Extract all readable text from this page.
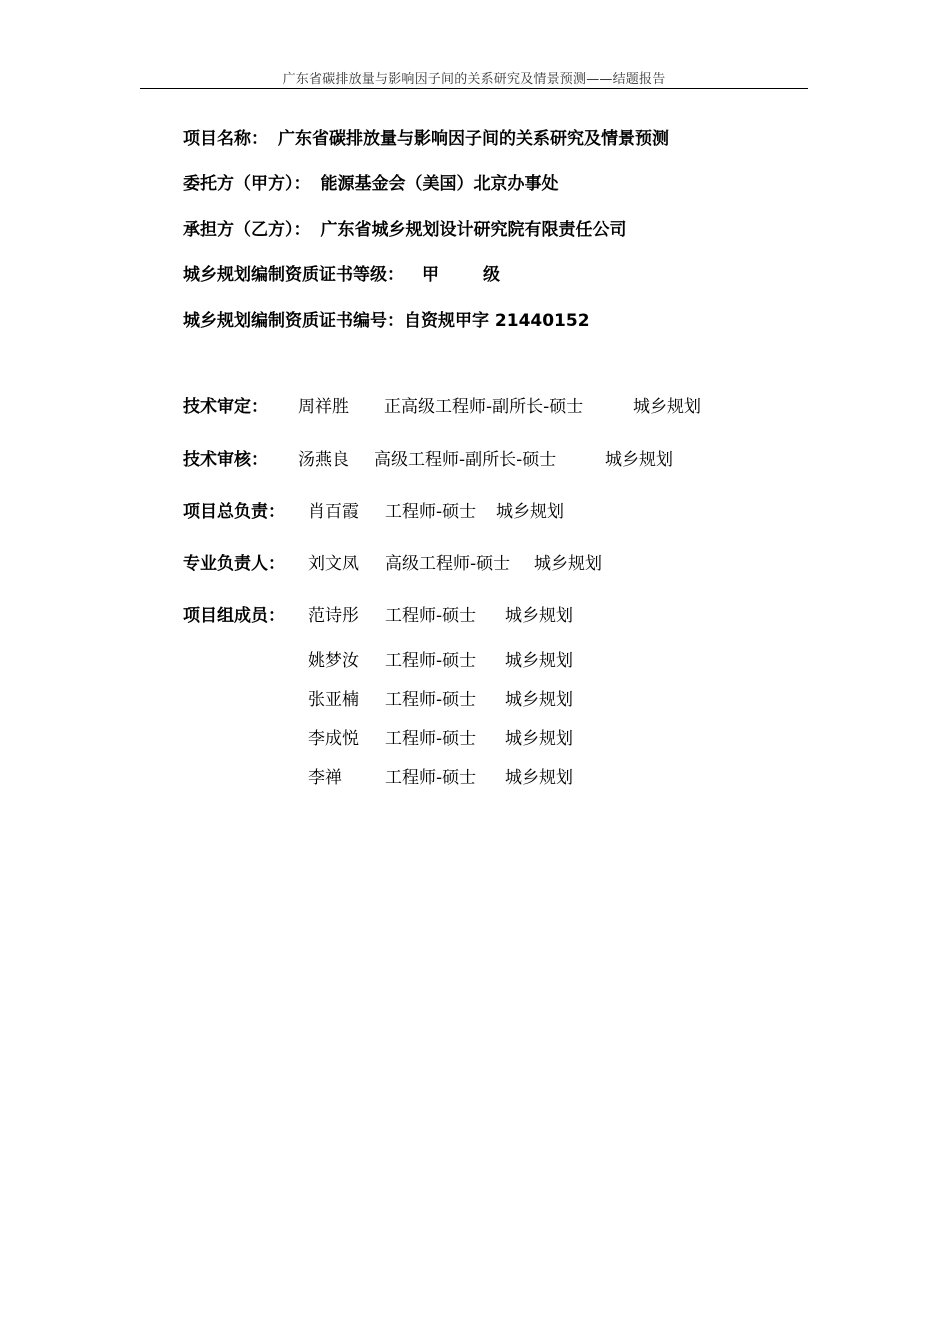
广东省碳排放量与影响因子间的关系研究及情景预测——结题报告
项目名称： 广东省碳排放量与影响因子间的关系研究及情景预测
委托方（甲方）： 能源基金会（美国）北京办事处
承担方（乙方）： 广东省城乡规划设计研究院有限责任公司
城乡规划编制资质证书等级： 甲级
城乡规划编制资质证书编号：自资规甲字 21440152
技术审定： 周祥胜 正高级工程师-副所长-硕士	城乡规划
技术审核： 汤燕良 高级工程师-副所长-硕士	城乡规划
项目总负责： 肖百霞 工程师-硕士 城乡规划
专业负责人： 刘文凤 高级工程师-硕士 城乡规划
项目组成员： 范诗彤 工程师-硕士 城乡规划
姚梦汝 工程师-硕士 城乡规划
张亚楠 工程师-硕士 城乡规划
李成悦 工程师-硕士 城乡规划
李禅	工程师-硕士 城乡规划
